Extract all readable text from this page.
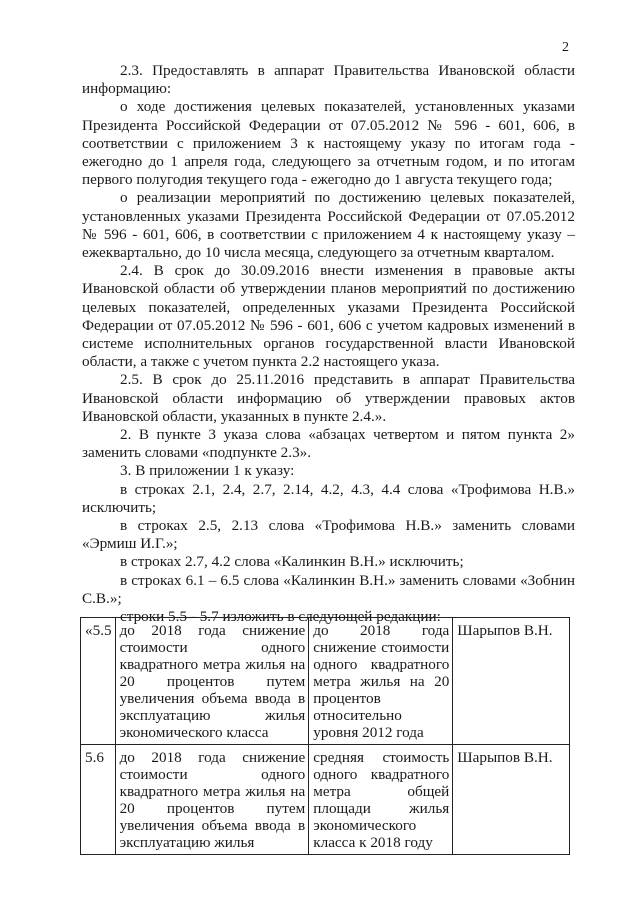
2

2.3. Предоставлять в аппарат Правительства Ивановской области информацию:

о ходе достижения целевых показателей, установленных указами Президента Российской Федерации от 07.05.2012 № 596 - 601, 606, в соответствии с приложением 3 к настоящему указу по итогам года - ежегодно до 1 апреля года, следующего за отчетным годом, и по итогам первого полугодия текущего года - ежегодно до 1 августа текущего года;

о реализации мероприятий по достижению целевых показателей, установленных указами Президента Российской Федерации от 07.05.2012 № 596 - 601, 606, в соответствии с приложением 4 к настоящему указу – ежеквартально, до 10 числа месяца, следующего за отчетным кварталом.

2.4. В срок до 30.09.2016 внести изменения в правовые акты Ивановской области об утверждении планов мероприятий по достижению целевых показателей, определенных указами Президента Российской Федерации от 07.05.2012 № 596 - 601, 606 с учетом кадровых изменений в системе исполнительных органов государственной власти Ивановской области, а также с учетом пункта 2.2 настоящего указа.

2.5. В срок до 25.11.2016 представить в аппарат Правительства Ивановской области информацию об утверждении правовых актов Ивановской области, указанных в пункте 2.4.».

2. В пункте 3 указа слова «абзацах четвертом и пятом пункта 2» заменить словами «подпункте 2.3».

3. В приложении 1 к указу:

в строках 2.1, 2.4, 2.7, 2.14, 4.2, 4.3, 4.4 слова «Трофимова Н.В.» исключить;

в строках 2.5, 2.13 слова «Трофимова Н.В.» заменить словами «Эрмиш И.Г.»;

в строках 2.7, 4.2 слова «Калинкин В.Н.» исключить;

в строках 6.1 – 6.5 слова «Калинкин В.Н.» заменить словами «Зобнин С.В.»;

строки 5.5 - 5.7 изложить в следующей редакции:

«5.5	до 2018 года снижение стоимости одного квадратного метра жилья на 20 процентов путем увеличения объема ввода в эксплуатацию жилья экономического класса	до 2018 года снижение стоимости одного квадратного метра жилья на 20 процентов относительно уровня 2012 года	Шарыпов В.Н.
5.6	до 2018 года снижение стоимости одного квадратного метра жилья на 20 процентов путем увеличения объема ввода в эксплуатацию жилья	средняя стоимость одного квадратного метра общей площади жилья экономического класса к 2018 году	Шарыпов В.Н.
